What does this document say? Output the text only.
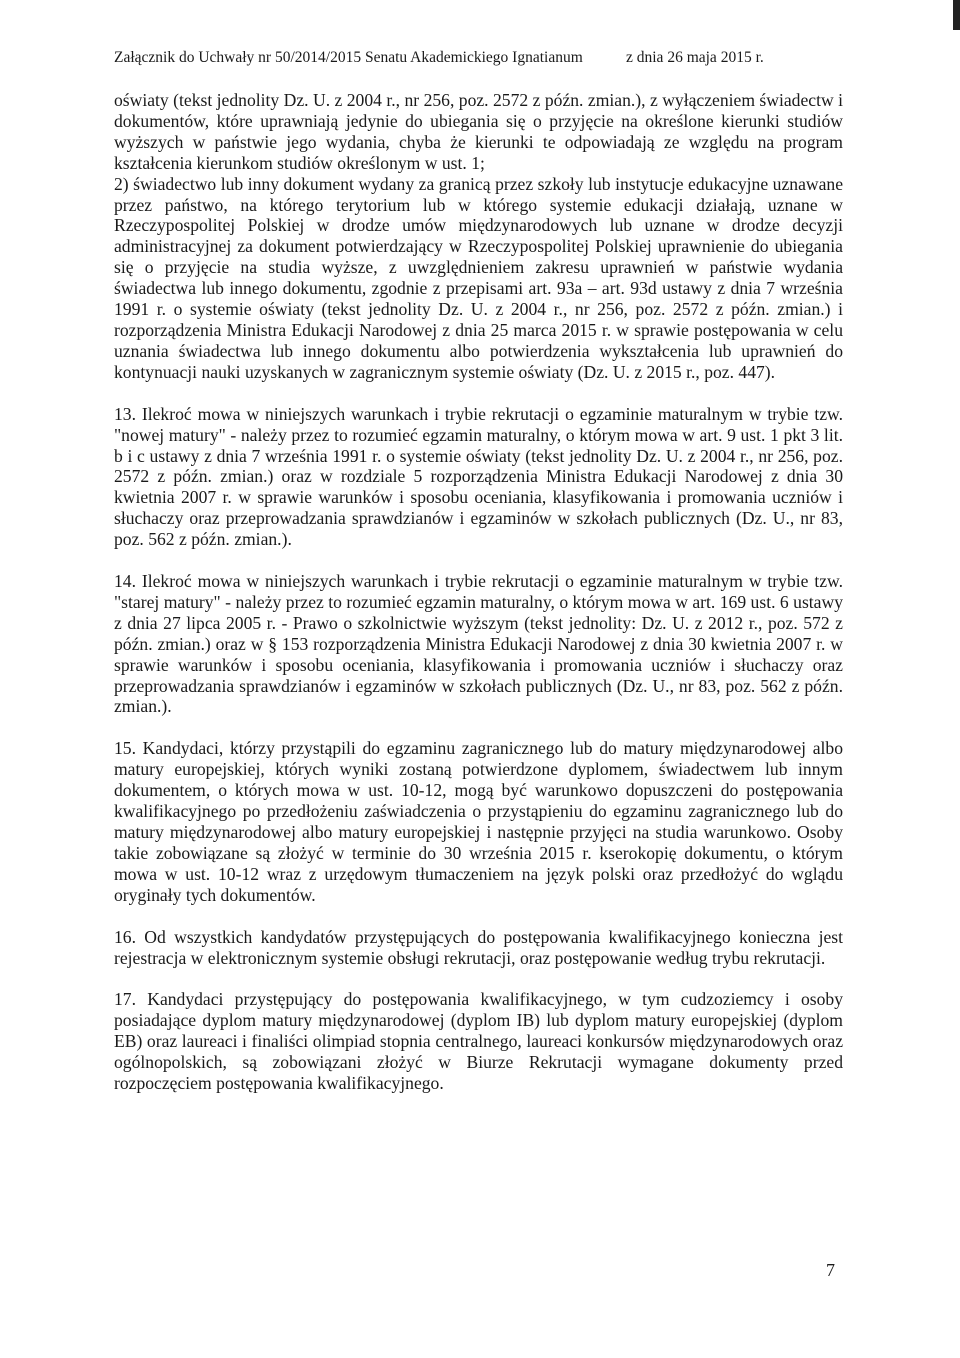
Załącznik do Uchwały nr 50/2014/2015 Senatu Akademickiego Ignatianum	z dnia 26 maja 2015 r.

oświaty (tekst jednolity Dz. U. z 2004 r., nr 256, poz. 2572 z późn. zmian.), z wyłączeniem świadectw i dokumentów, które uprawniają jedynie do ubiegania się o przyjęcie na określone kierunki studiów wyższych w państwie jego wydania, chyba że kierunki te odpowiadają ze względu na program kształcenia kierunkom studiów określonym w ust. 1;

2) świadectwo lub inny dokument wydany za granicą przez szkoły lub instytucje edukacyjne uznawane przez państwo, na którego terytorium lub w którego systemie edukacji działają, uznane w Rzeczypospolitej Polskiej w drodze umów międzynarodowych lub uznane w drodze decyzji administracyjnej za dokument potwierdzający w Rzeczypospolitej Polskiej uprawnienie do ubiegania się o przyjęcie na studia wyższe, z uwzględnieniem zakresu uprawnień w państwie wydania świadectwa lub innego dokumentu, zgodnie z przepisami art. 93a – art. 93d ustawy z dnia 7 września 1991 r. o systemie oświaty (tekst jednolity Dz. U. z 2004 r., nr 256, poz. 2572 z późn. zmian.) i rozporządzenia Ministra Edukacji Narodowej z dnia 25 marca 2015 r. w sprawie postępowania w celu uznania świadectwa lub innego dokumentu albo potwierdzenia wykształcenia lub uprawnień do kontynuacji nauki uzyskanych w zagranicznym systemie oświaty (Dz. U. z 2015 r., poz. 447).

13. Ilekroć mowa w niniejszych warunkach i trybie rekrutacji o egzaminie maturalnym w trybie tzw. "nowej matury" - należy przez to rozumieć egzamin maturalny, o którym mowa w art. 9 ust. 1 pkt 3 lit. b i c ustawy z dnia 7 września 1991 r. o systemie oświaty (tekst jednolity Dz. U. z 2004 r., nr 256, poz. 2572 z późn. zmian.) oraz w rozdziale 5 rozporządzenia Ministra Edukacji Narodowej z dnia 30 kwietnia 2007 r. w sprawie warunków i sposobu oceniania, klasyfikowania i promowania uczniów i słuchaczy oraz przeprowadzania sprawdzianów i egzaminów w szkołach publicznych (Dz. U., nr 83, poz. 562 z późn. zmian.).

14. Ilekroć mowa w niniejszych warunkach i trybie rekrutacji o egzaminie maturalnym w trybie tzw. "starej matury" - należy przez to rozumieć egzamin maturalny, o którym mowa w art. 169 ust. 6 ustawy z dnia 27 lipca 2005 r. - Prawo o szkolnictwie wyższym (tekst jednolity: Dz. U. z 2012 r., poz. 572 z późn. zmian.) oraz w § 153 rozporządzenia Ministra Edukacji Narodowej z dnia 30 kwietnia 2007 r. w sprawie warunków i sposobu oceniania, klasyfikowania i promowania uczniów i słuchaczy oraz przeprowadzania sprawdzianów i egzaminów w szkołach publicznych (Dz. U., nr 83, poz. 562 z późn. zmian.).

15. Kandydaci, którzy przystąpili do egzaminu zagranicznego lub do matury międzynarodowej albo matury europejskiej, których wyniki zostaną potwierdzone dyplomem, świadectwem lub innym dokumentem, o których mowa w ust. 10-12, mogą być warunkowo dopuszczeni do postępowania kwalifikacyjnego po przedłożeniu zaświadczenia o przystąpieniu do egzaminu zagranicznego lub do matury międzynarodowej albo matury europejskiej i następnie przyjęci na studia warunkowo. Osoby takie zobowiązane są złożyć w terminie do 30 września 2015 r. kserokopię dokumentu, o którym mowa w ust. 10-12 wraz z urzędowym tłumaczeniem na język polski oraz przedłożyć do wglądu oryginały tych dokumentów.

16. Od wszystkich kandydatów przystępujących do postępowania kwalifikacyjnego konieczna jest rejestracja w elektronicznym systemie obsługi rekrutacji, oraz postępowanie według trybu rekrutacji.

17. Kandydaci przystępujący do postępowania kwalifikacyjnego, w tym cudzoziemcy i osoby posiadające dyplom matury międzynarodowej (dyplom IB) lub dyplom matury europejskiej (dyplom EB) oraz laureaci i finaliści olimpiad stopnia centralnego, laureaci konkursów międzynarodowych oraz ogólnopolskich, są zobowiązani złożyć w Biurze Rekrutacji wymagane dokumenty przed rozpoczęciem postępowania kwalifikacyjnego.

7
